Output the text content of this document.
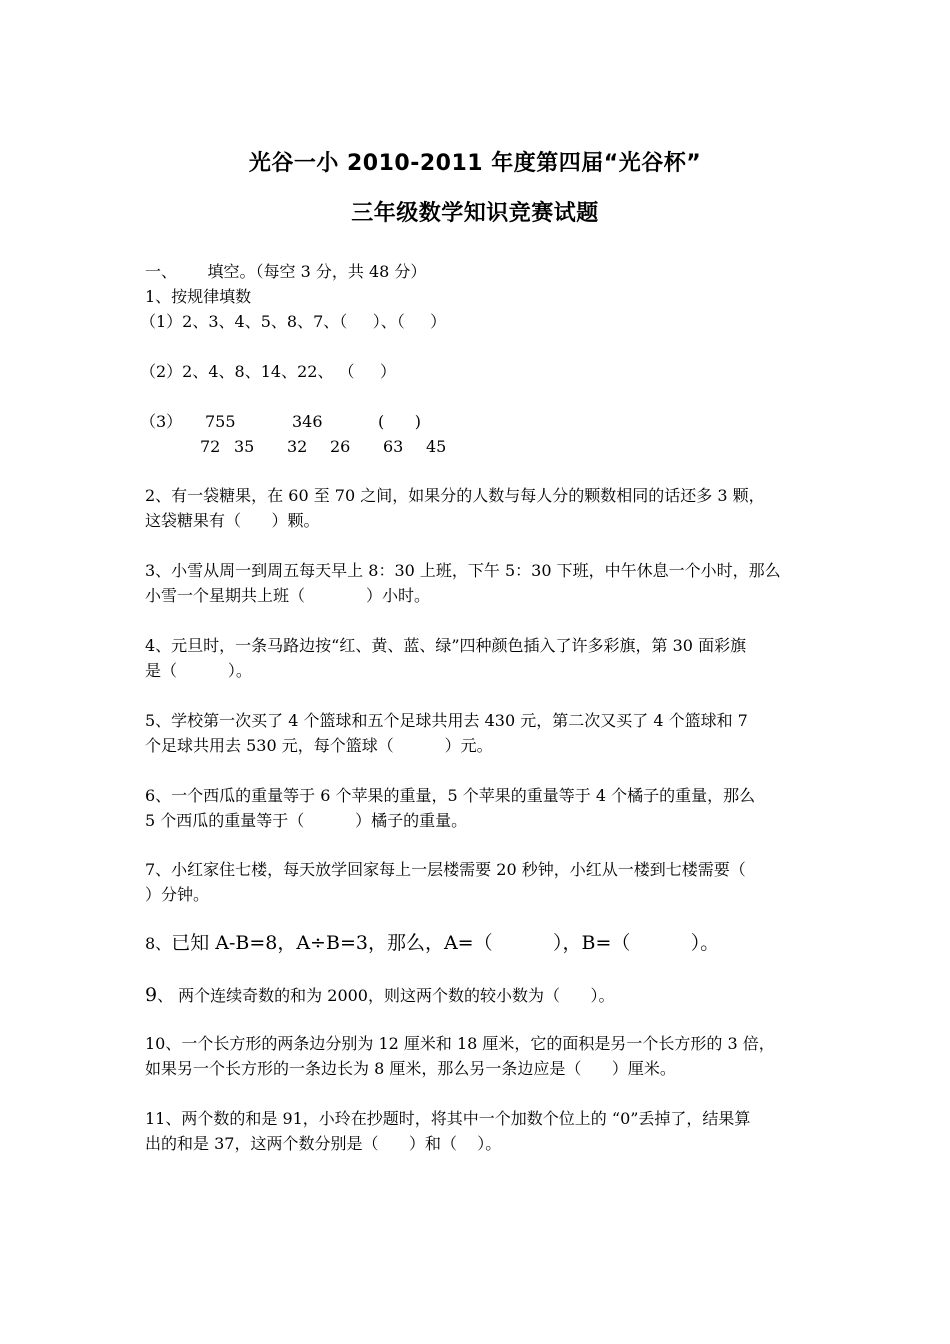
光谷一小 2010-2011 年度第四届“光谷杯”
三年级数学知识竞赛试题
一、      填空。（每空 3 分，共 48 分）
1、按规律填数
（1）2、3、4、5、8、7、（     ）、（     ）
（2）2、4、8、14、22、 （     ）
（3） 755	346	(      )
72 35 32 26 63 45
2、有一袋糖果，在 60 至 70 之间，如果分的人数与每人分的颗数相同的话还多 3 颗，
这袋糖果有（      ）颗。
3、小雪从周一到周五每天早上 8：30 上班，下午 5：30 下班，中午休息一个小时，那么
小雪一个星期共上班（            ）小时。
4、元旦时，一条马路边按“红、黄、蓝、绿”四种颜色插入了许多彩旗，第 30 面彩旗
是（          ）。
5、学校第一次买了 4 个篮球和五个足球共用去 430 元，第二次又买了 4 个篮球和 7
个足球共用去 530 元，每个篮球（          ）元。
6、一个西瓜的重量等于 6 个苹果的重量，5 个苹果的重量等于 4 个橘子的重量，那么
5 个西瓜的重量等于（          ）橘子的重量。
7、小红家住七楼，每天放学回家每上一层楼需要 20 秒钟，小红从一楼到七楼需要（
）分钟。
8、已知 A-B=8，A÷B=3，那么，A=（          ），B=（          ）。
9、 两个连续奇数的和为 2000，则这两个数的较小数为（      ）。
10、一个长方形的两条边分别为 12 厘米和 18 厘米，它的面积是另一个长方形的 3 倍，
如果另一个长方形的一条边长为 8 厘米，那么另一条边应是（      ）厘米。
11、两个数的和是 91，小玲在抄题时，将其中一个加数个位上的 “0”丢掉了，结果算
出的和是 37，这两个数分别是（      ）和（    ）。
